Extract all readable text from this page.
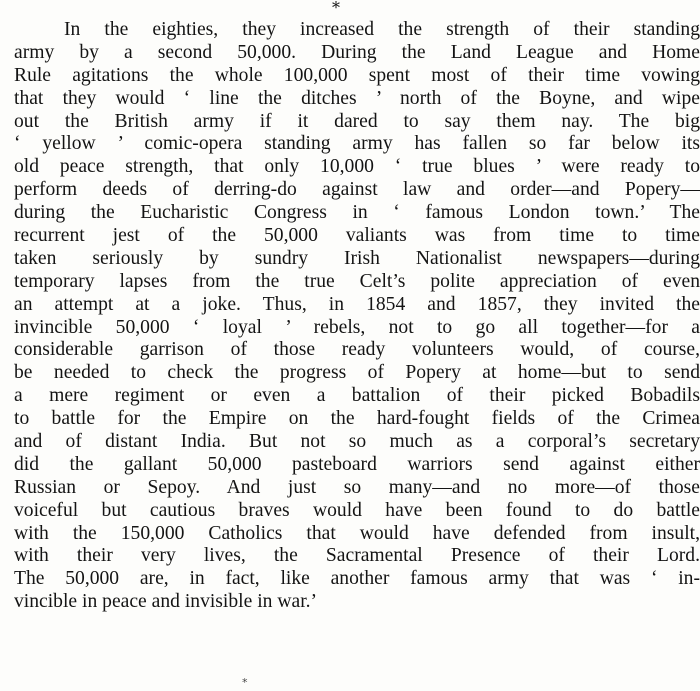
*
In the eighties, they increased the strength of their standing
army by a second 50,000. During the Land League and Home
Rule agitations the whole 100,000 spent most of their time vowing
that they would ‘ line the ditches ’ north of the Boyne, and wipe
out the British army if it dared to say them nay. The big
‘ yellow ’ comic-opera standing army has fallen so far below its
old peace strength, that only 10,000 ‘ true blues ’ were ready to
perform deeds of derring-do against law and order—and Popery—
during the Eucharistic Congress in ‘ famous London town.’ The
recurrent jest of the 50,000 valiants was from time to time
taken seriously by sundry Irish Nationalist newspapers—during
temporary lapses from the true Celt’s polite appreciation of even
an attempt at a joke. Thus, in 1854 and 1857, they invited the
invincible 50,000 ‘ loyal ’ rebels, not to go all together—for a
considerable garrison of those ready volunteers would, of course,
be needed to check the progress of Popery at home—but to send
a mere regiment or even a battalion of their picked Bobadils
to battle for the Empire on the hard-fought fields of the Crimea
and of distant India. But not so much as a corporal’s secretary
did the gallant 50,000 pasteboard warriors send against either
Russian or Sepoy. And just so many—and no more—of those
voiceful but cautious braves would have been found to do battle
with the 150,000 Catholics that would have defended from insult,
with their very lives, the Sacramental Presence of their Lord.
The 50,000 are, in fact, like another famous army that was ‘ in-
vincible in peace and invisible in war.’
*
